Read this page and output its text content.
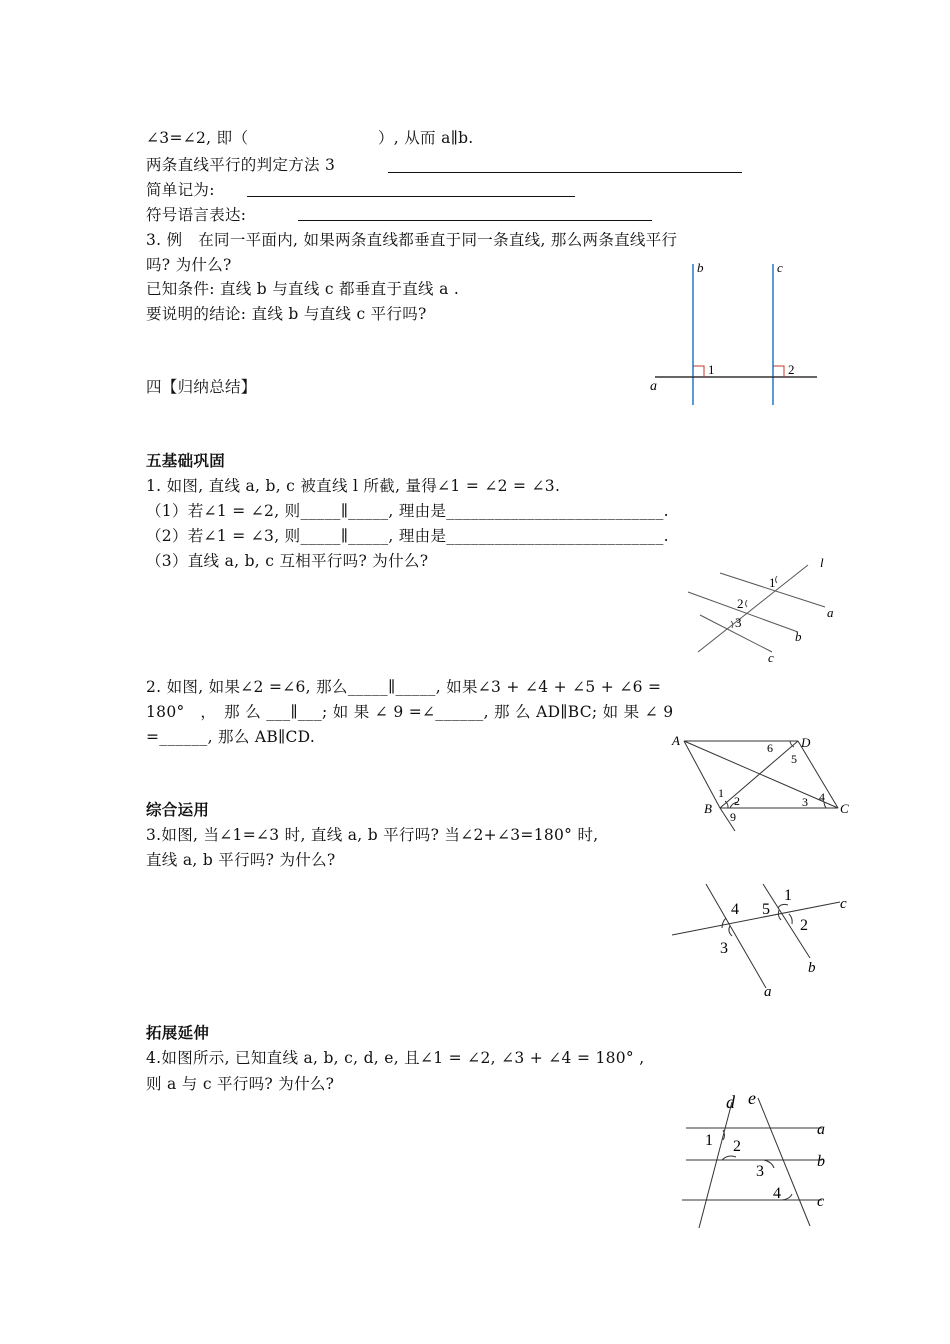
∠3=∠2, 即（	）, 从而 a∥b.
两条直线平行的判定方法 3
简单记为:
符号语言表达:
3. 例　在同一平面内, 如果两条直线都垂直于同一条直线, 那么两条直线平行
吗? 为什么?
已知条件: 直线 b 与直线 c 都垂直于直线 a .
要说明的结论: 直线 b 与直线 c 平行吗?
b	c
a
1	2
四【归纳总结】
五基础巩固
1. 如图, 直线 a, b, c 被直线 l 所截, 量得∠1 = ∠2 = ∠3.
（1）若∠1 = ∠2, 则_____∥_____, 理由是___________________________.
（2）若∠1 = ∠3, 则_____∥_____, 理由是___________________________.
（3）直线 a, b, c 互相平行吗? 为什么?	l
a
b
c
1
2
3
2. 如图, 如果∠2 =∠6, 那么_____∥_____, 如果∠3 + ∠4 + ∠5 + ∠6 =
180°　，　那 么 ___∥___; 如 果 ∠ 9 =∠______, 那 么 AD∥BC; 如 果 ∠ 9
=______, 那么 AB∥CD.	A	D
B	C
1
2	3 4
5
6
9
综合运用
3.如图, 当∠1=∠3 时, 直线 a, b 平行吗? 当∠2+∠3=180° 时,
直线 a, b 平行吗? 为什么?
1
2
3
4 5	c
b
a
拓展延伸
4.如图所示, 已知直线 a, b, c, d, e, 且∠1 = ∠2, ∠3 + ∠4 = 180° ,
则 a 与 c 平行吗? 为什么?
d e
a
b
c
1 2
3
4
